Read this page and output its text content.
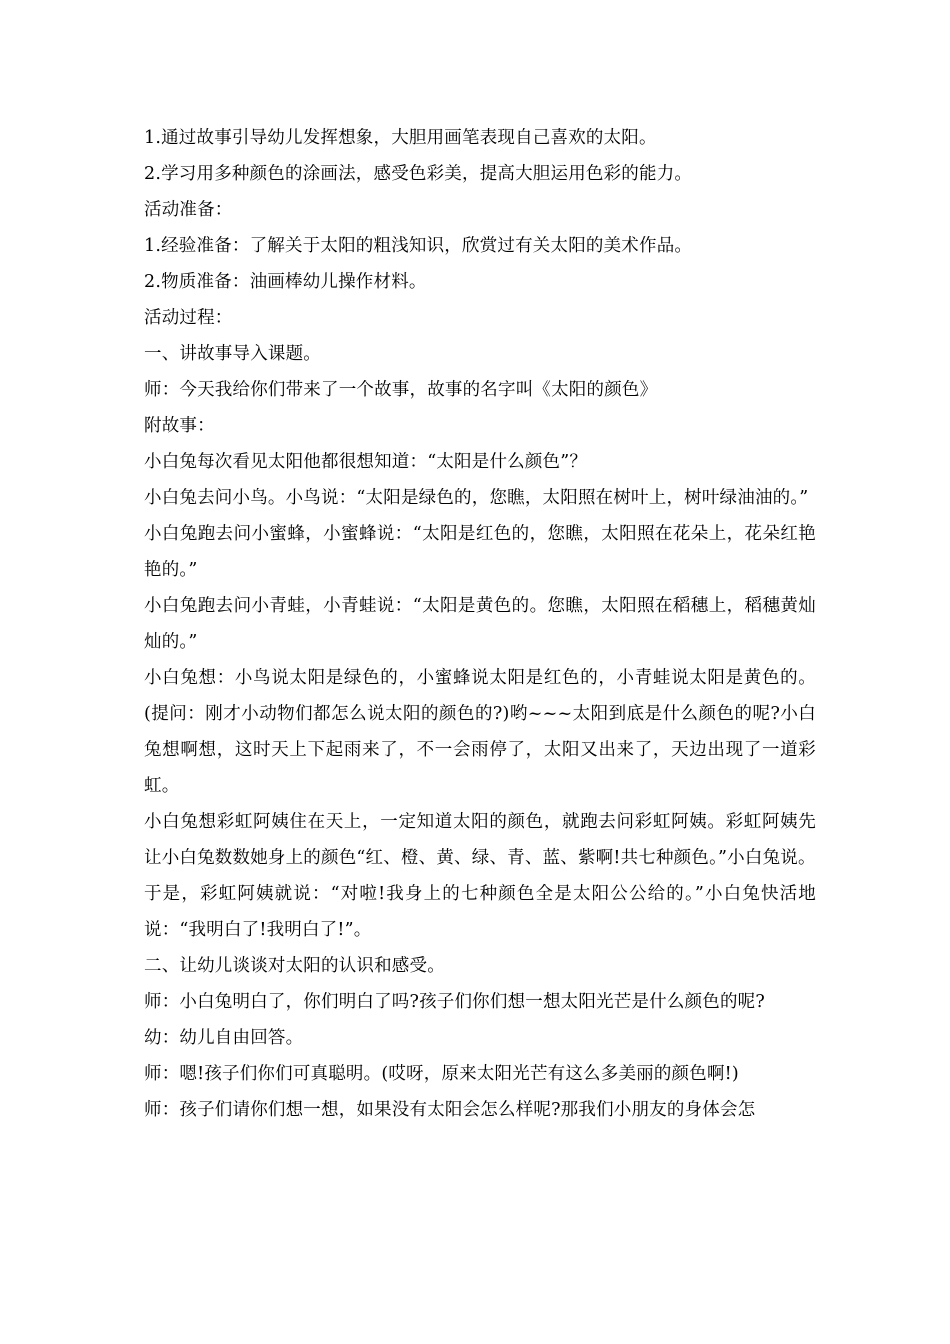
1.通过故事引导幼儿发挥想象，大胆用画笔表现自己喜欢的太阳。

2.学习用多种颜色的涂画法，感受色彩美，提高大胆运用色彩的能力。

活动准备：

1.经验准备：了解关于太阳的粗浅知识，欣赏过有关太阳的美术作品。

2.物质准备：油画棒幼儿操作材料。

活动过程：

一、讲故事导入课题。

师：今天我给你们带来了一个故事，故事的名字叫《太阳的颜色》

附故事：

小白兔每次看见太阳他都很想知道：“太阳是什么颜色”？

小白兔去问小鸟。小鸟说：“太阳是绿色的，您瞧，太阳照在树叶上，树叶绿油油的。”

小白兔跑去问小蜜蜂，小蜜蜂说：“太阳是红色的，您瞧，太阳照在花朵上，花朵红艳艳的。”

小白兔跑去问小青蛙，小青蛙说：“太阳是黄色的。您瞧，太阳照在稻穗上，稻穗黄灿灿的。”

小白兔想：小鸟说太阳是绿色的，小蜜蜂说太阳是红色的，小青蛙说太阳是黄色的。(提问：刚才小动物们都怎么说太阳的颜色的?)哟~~~太阳到底是什么颜色的呢?小白兔想啊想，这时天上下起雨来了，不一会雨停了，太阳又出来了，天边出现了一道彩虹。

小白兔想彩虹阿姨住在天上，一定知道太阳的颜色，就跑去问彩虹阿姨。彩虹阿姨先让小白兔数数她身上的颜色“红、橙、黄、绿、青、蓝、紫啊!共七种颜色。”小白兔说。

于是，彩虹阿姨就说：“对啦!我身上的七种颜色全是太阳公公给的。”小白兔快活地说：“我明白了!我明白了!”。

二、让幼儿谈谈对太阳的认识和感受。

师：小白兔明白了，你们明白了吗?孩子们你们想一想太阳光芒是什么颜色的呢?

幼：幼儿自由回答。

师：嗯!孩子们你们可真聪明。(哎呀，原来太阳光芒有这么多美丽的颜色啊!)

师：孩子们请你们想一想，如果没有太阳会怎么样呢?那我们小朋友的身体会怎
